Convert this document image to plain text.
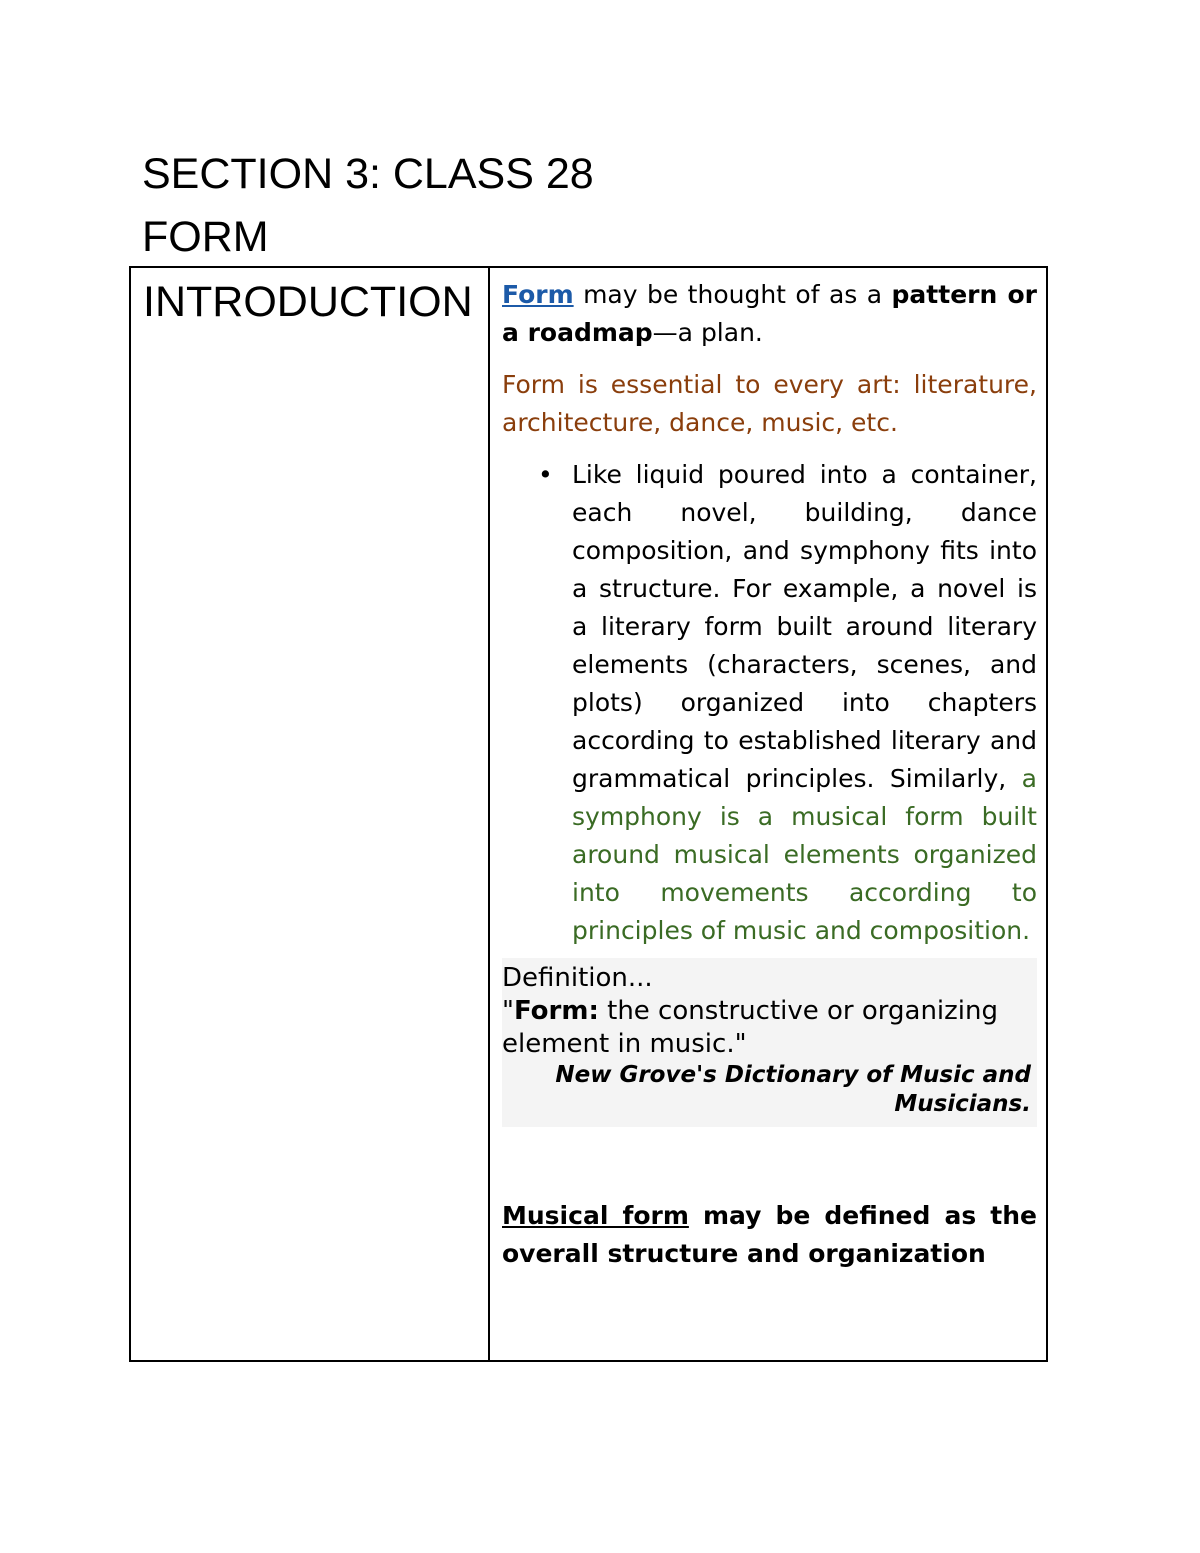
SECTION 3: CLASS 28
FORM
INTRODUCTION Form may be thought of as a pattern or a roadmap—a plan.

Form is essential to every art: literature, architecture, dance, music, etc.

• Like liquid poured into a container, each novel, building, dance composition, and symphony fits into a structure. For example, a novel is a literary form built around literary elements (characters, scenes, and plots) organized into chapters according to established literary and grammatical principles. Similarly, a symphony is a musical form built around musical elements organized into movements according to principles of music and composition.
Definition...
"Form: the constructive or organizing element in music."
New Grove's Dictionary of Music and Musicians.

Musical form may be defined as the overall structure and organization
